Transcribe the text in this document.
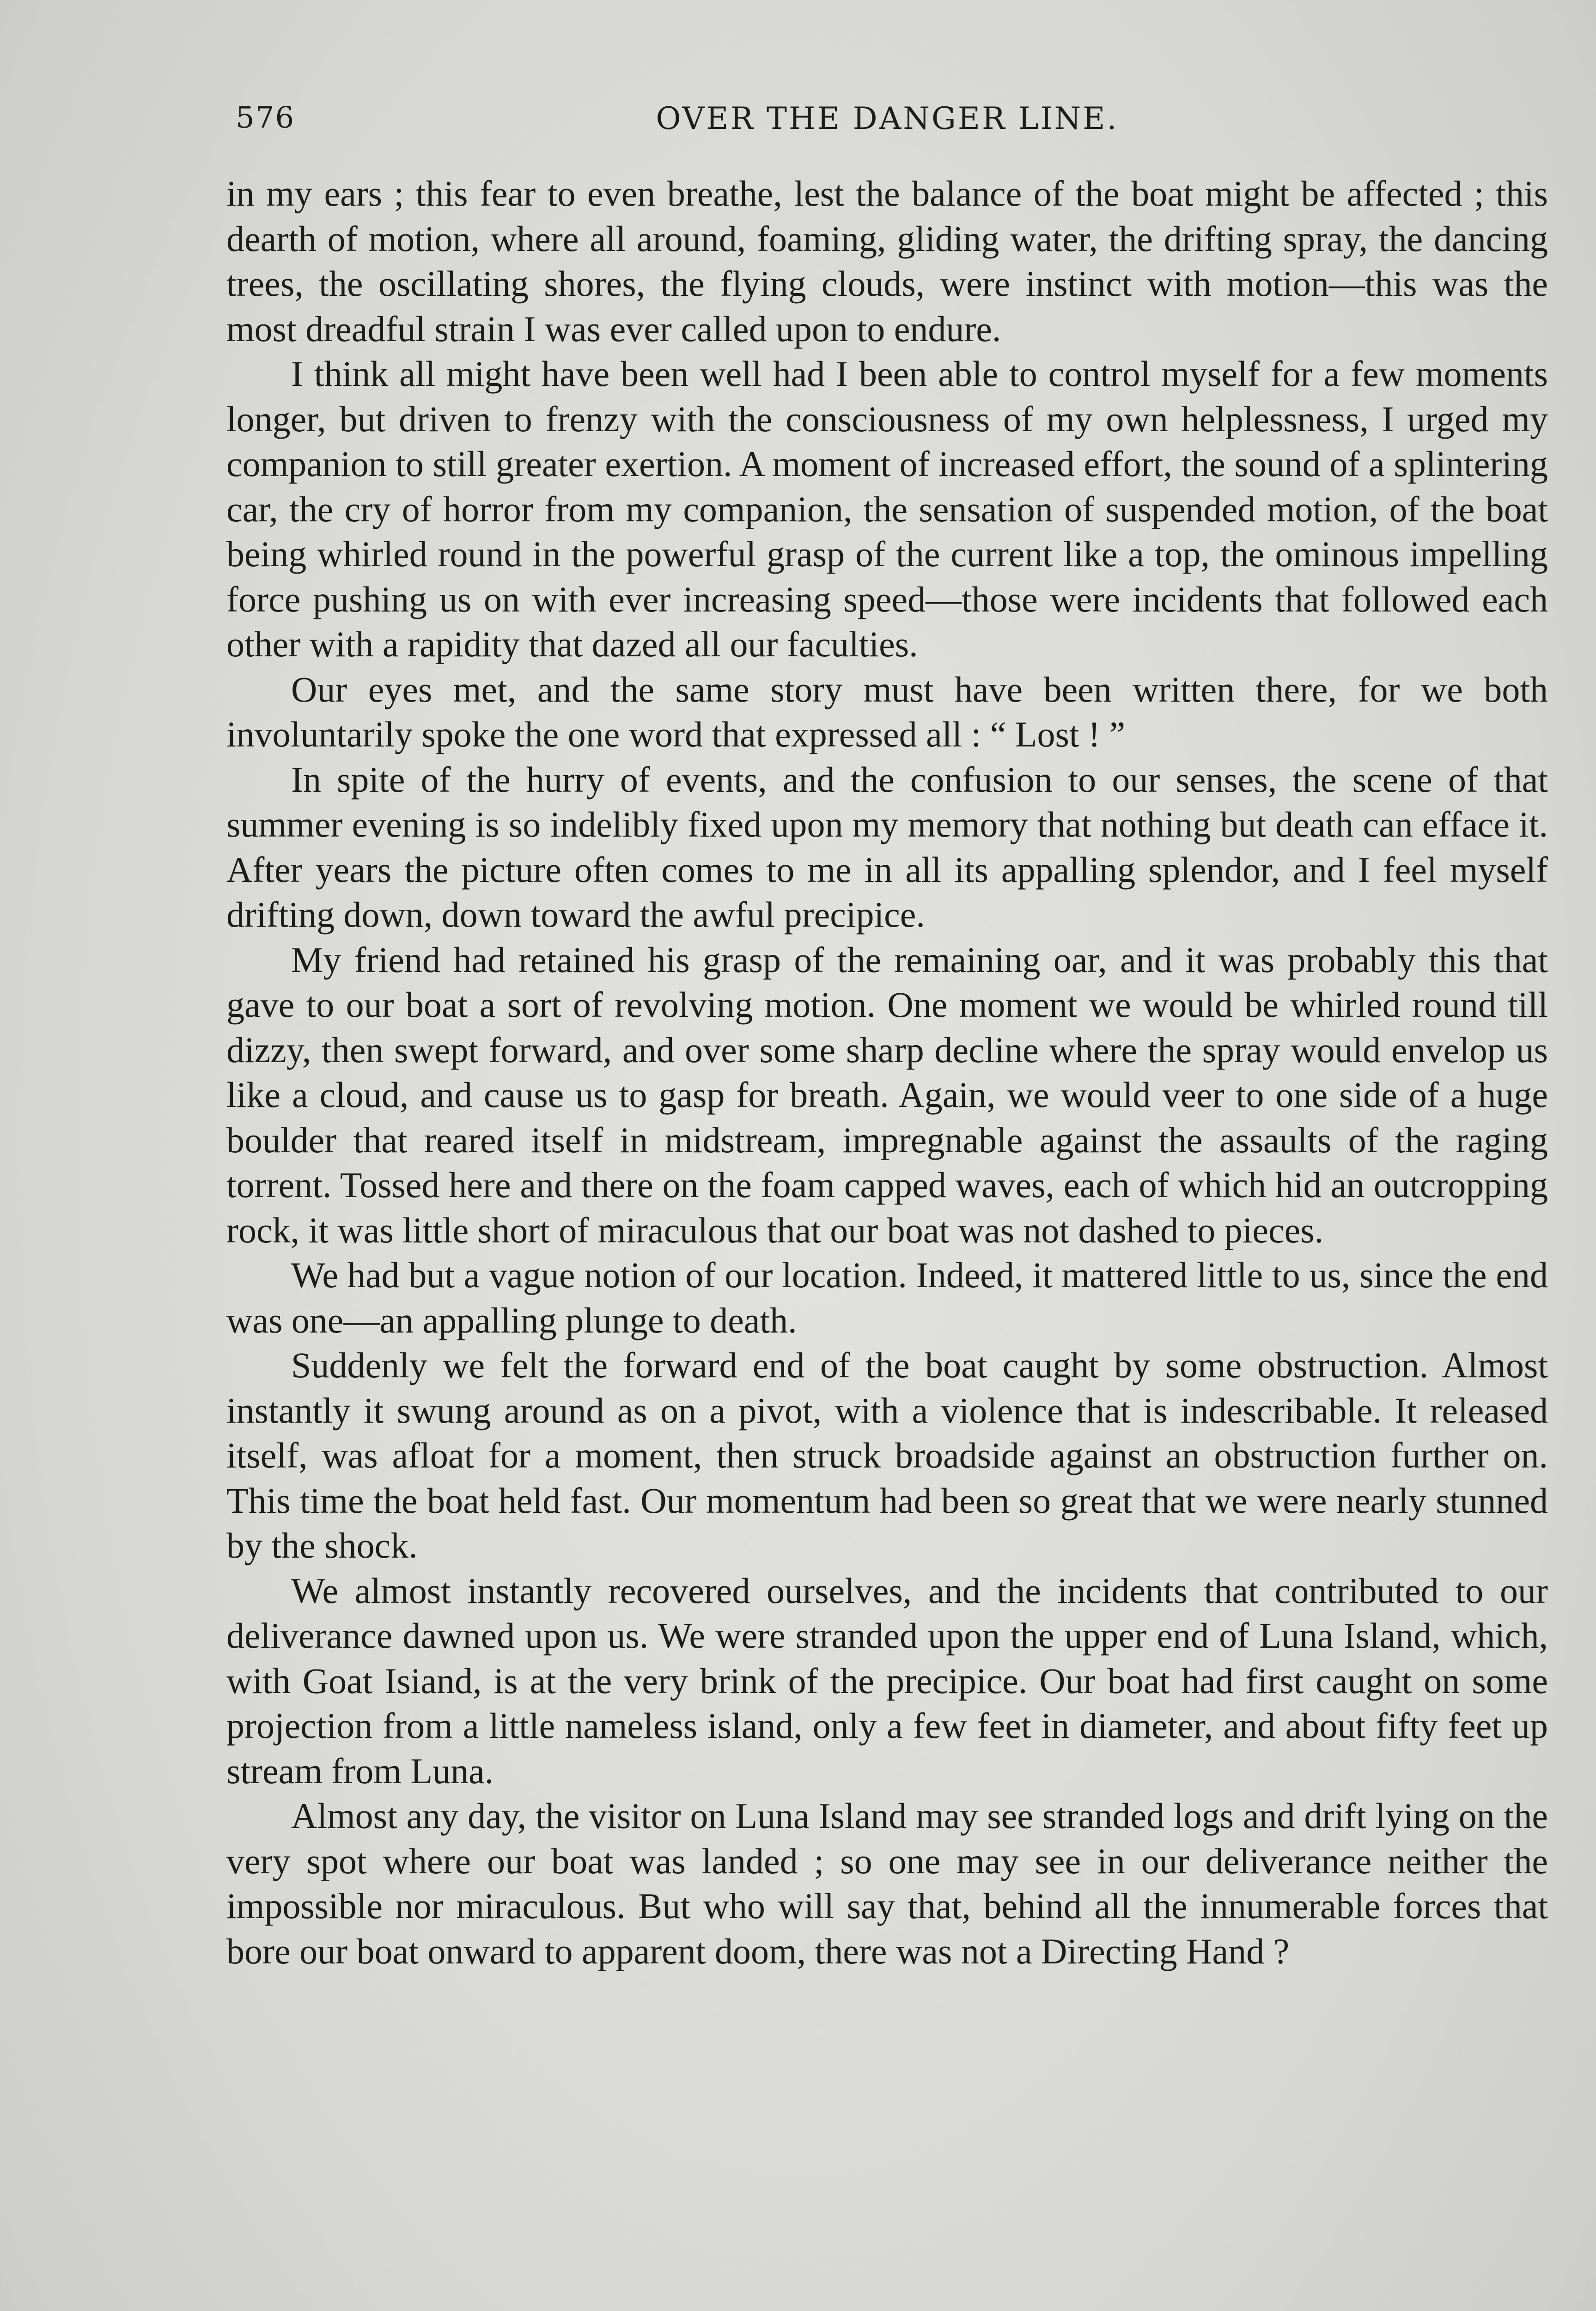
576	OVER THE DANGER LINE.

in my ears ; this fear to even breathe, lest the balance of the boat might be affected ; this dearth of motion, where all around, foaming, gliding water, the drifting spray, the dancing trees, the oscillating shores, the flying clouds, were instinct with motion—this was the most dreadful strain I was ever called upon to endure.

I think all might have been well had I been able to control myself for a few moments longer, but driven to frenzy with the consciousness of my own helplessness, I urged my companion to still greater exertion. A moment of increased effort, the sound of a splintering car, the cry of horror from my companion, the sensation of suspended motion, of the boat being whirled round in the powerful grasp of the current like a top, the ominous impelling force pushing us on with ever increasing speed—those were incidents that followed each other with a rapidity that dazed all our faculties.

Our eyes met, and the same story must have been written there, for we both involuntarily spoke the one word that expressed all : “ Lost ! ”

In spite of the hurry of events, and the confusion to our senses, the scene of that summer evening is so indelibly fixed upon my memory that nothing but death can efface it. After years the picture often comes to me in all its appalling splendor, and I feel myself drifting down, down toward the awful precipice.

My friend had retained his grasp of the remaining oar, and it was probably this that gave to our boat a sort of revolving motion. One moment we would be whirled round till dizzy, then swept forward, and over some sharp decline where the spray would envelop us like a cloud, and cause us to gasp for breath. Again, we would veer to one side of a huge boulder that reared itself in midstream, impregnable against the assaults of the raging torrent. Tossed here and there on the foam capped waves, each of which hid an outcropping rock, it was little short of miraculous that our boat was not dashed to pieces.

We had but a vague notion of our location. Indeed, it mattered little to us, since the end was one—an appalling plunge to death.

Suddenly we felt the forward end of the boat caught by some obstruction. Almost instantly it swung around as on a pivot, with a violence that is indescribable. It released itself, was afloat for a moment, then struck broadside against an obstruction further on. This time the boat held fast. Our momentum had been so great that we were nearly stunned by the shock.

We almost instantly recovered ourselves, and the incidents that contributed to our deliverance dawned upon us. We were stranded upon the upper end of Luna Island, which, with Goat Isiand, is at the very brink of the precipice. Our boat had first caught on some projection from a little nameless island, only a few feet in diameter, and about fifty feet up stream from Luna.

Almost any day, the visitor on Luna Island may see stranded logs and drift lying on the very spot where our boat was landed ; so one may see in our deliverance neither the impossible nor miraculous. But who will say that, behind all the innumerable forces that bore our boat onward to apparent doom, there was not a Directing Hand ?
